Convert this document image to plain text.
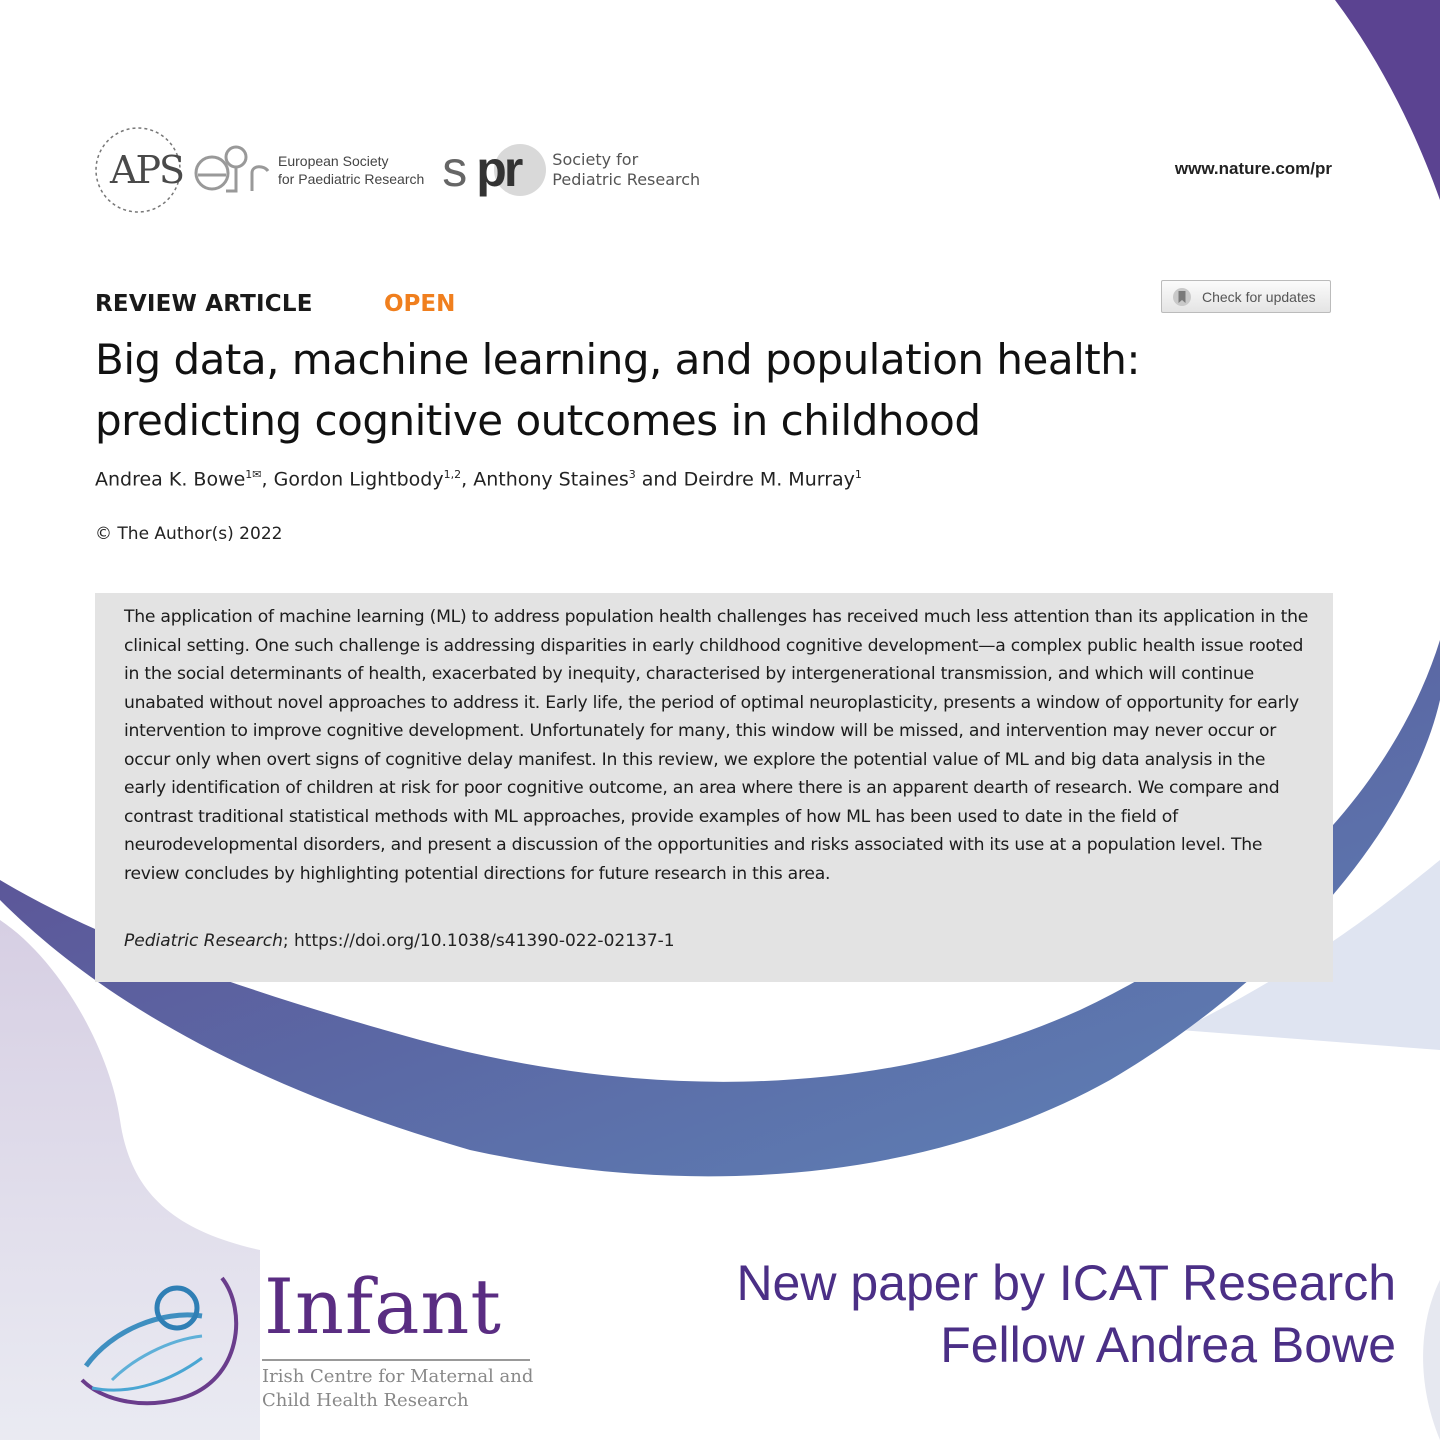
APS	European Society
for Paediatric Research s pr Society for
Pediatric Research
www.nature.com/pr
REVIEW ARTICLE	OPEN	Check for updates
Big data, machine learning, and population health: predicting cognitive outcomes in childhood
Andrea K. Bowe$^{1✉}$, Gordon Lightbody$^{1,2}$, Anthony Staines$^3$ and Deirdre M. Murray$^1$
© The Author(s) 2022
The application of machine learning (ML) to address population health challenges has received much less attention than its application in the clinical setting. One such challenge is addressing disparities in early childhood cognitive development—a complex public health issue rooted in the social determinants of health, exacerbated by inequity, characterised by intergenerational transmission, and which will continue unabated without novel approaches to address it. Early life, the period of optimal neuroplasticity, presents a window of opportunity for early intervention to improve cognitive development. Unfortunately for many, this window will be missed, and intervention may never occur or occur only when overt signs of cognitive delay manifest. In this review, we explore the potential value of ML and big data analysis in the early identification of children at risk for poor cognitive outcome, an area where there is an apparent dearth of research. We compare and contrast traditional statistical methods with ML approaches, provide examples of how ML has been used to date in the field of neurodevelopmental disorders, and present a discussion of the opportunities and risks associated with its use at a population level. The review concludes by highlighting potential directions for future research in this area.
Pediatric Research; https://doi.org/10.1038/s41390-022-02137-1
New paper by ICAT Research
Fellow Andrea Bowe
Infant
Irish Centre for Maternal and
Child Health Research
